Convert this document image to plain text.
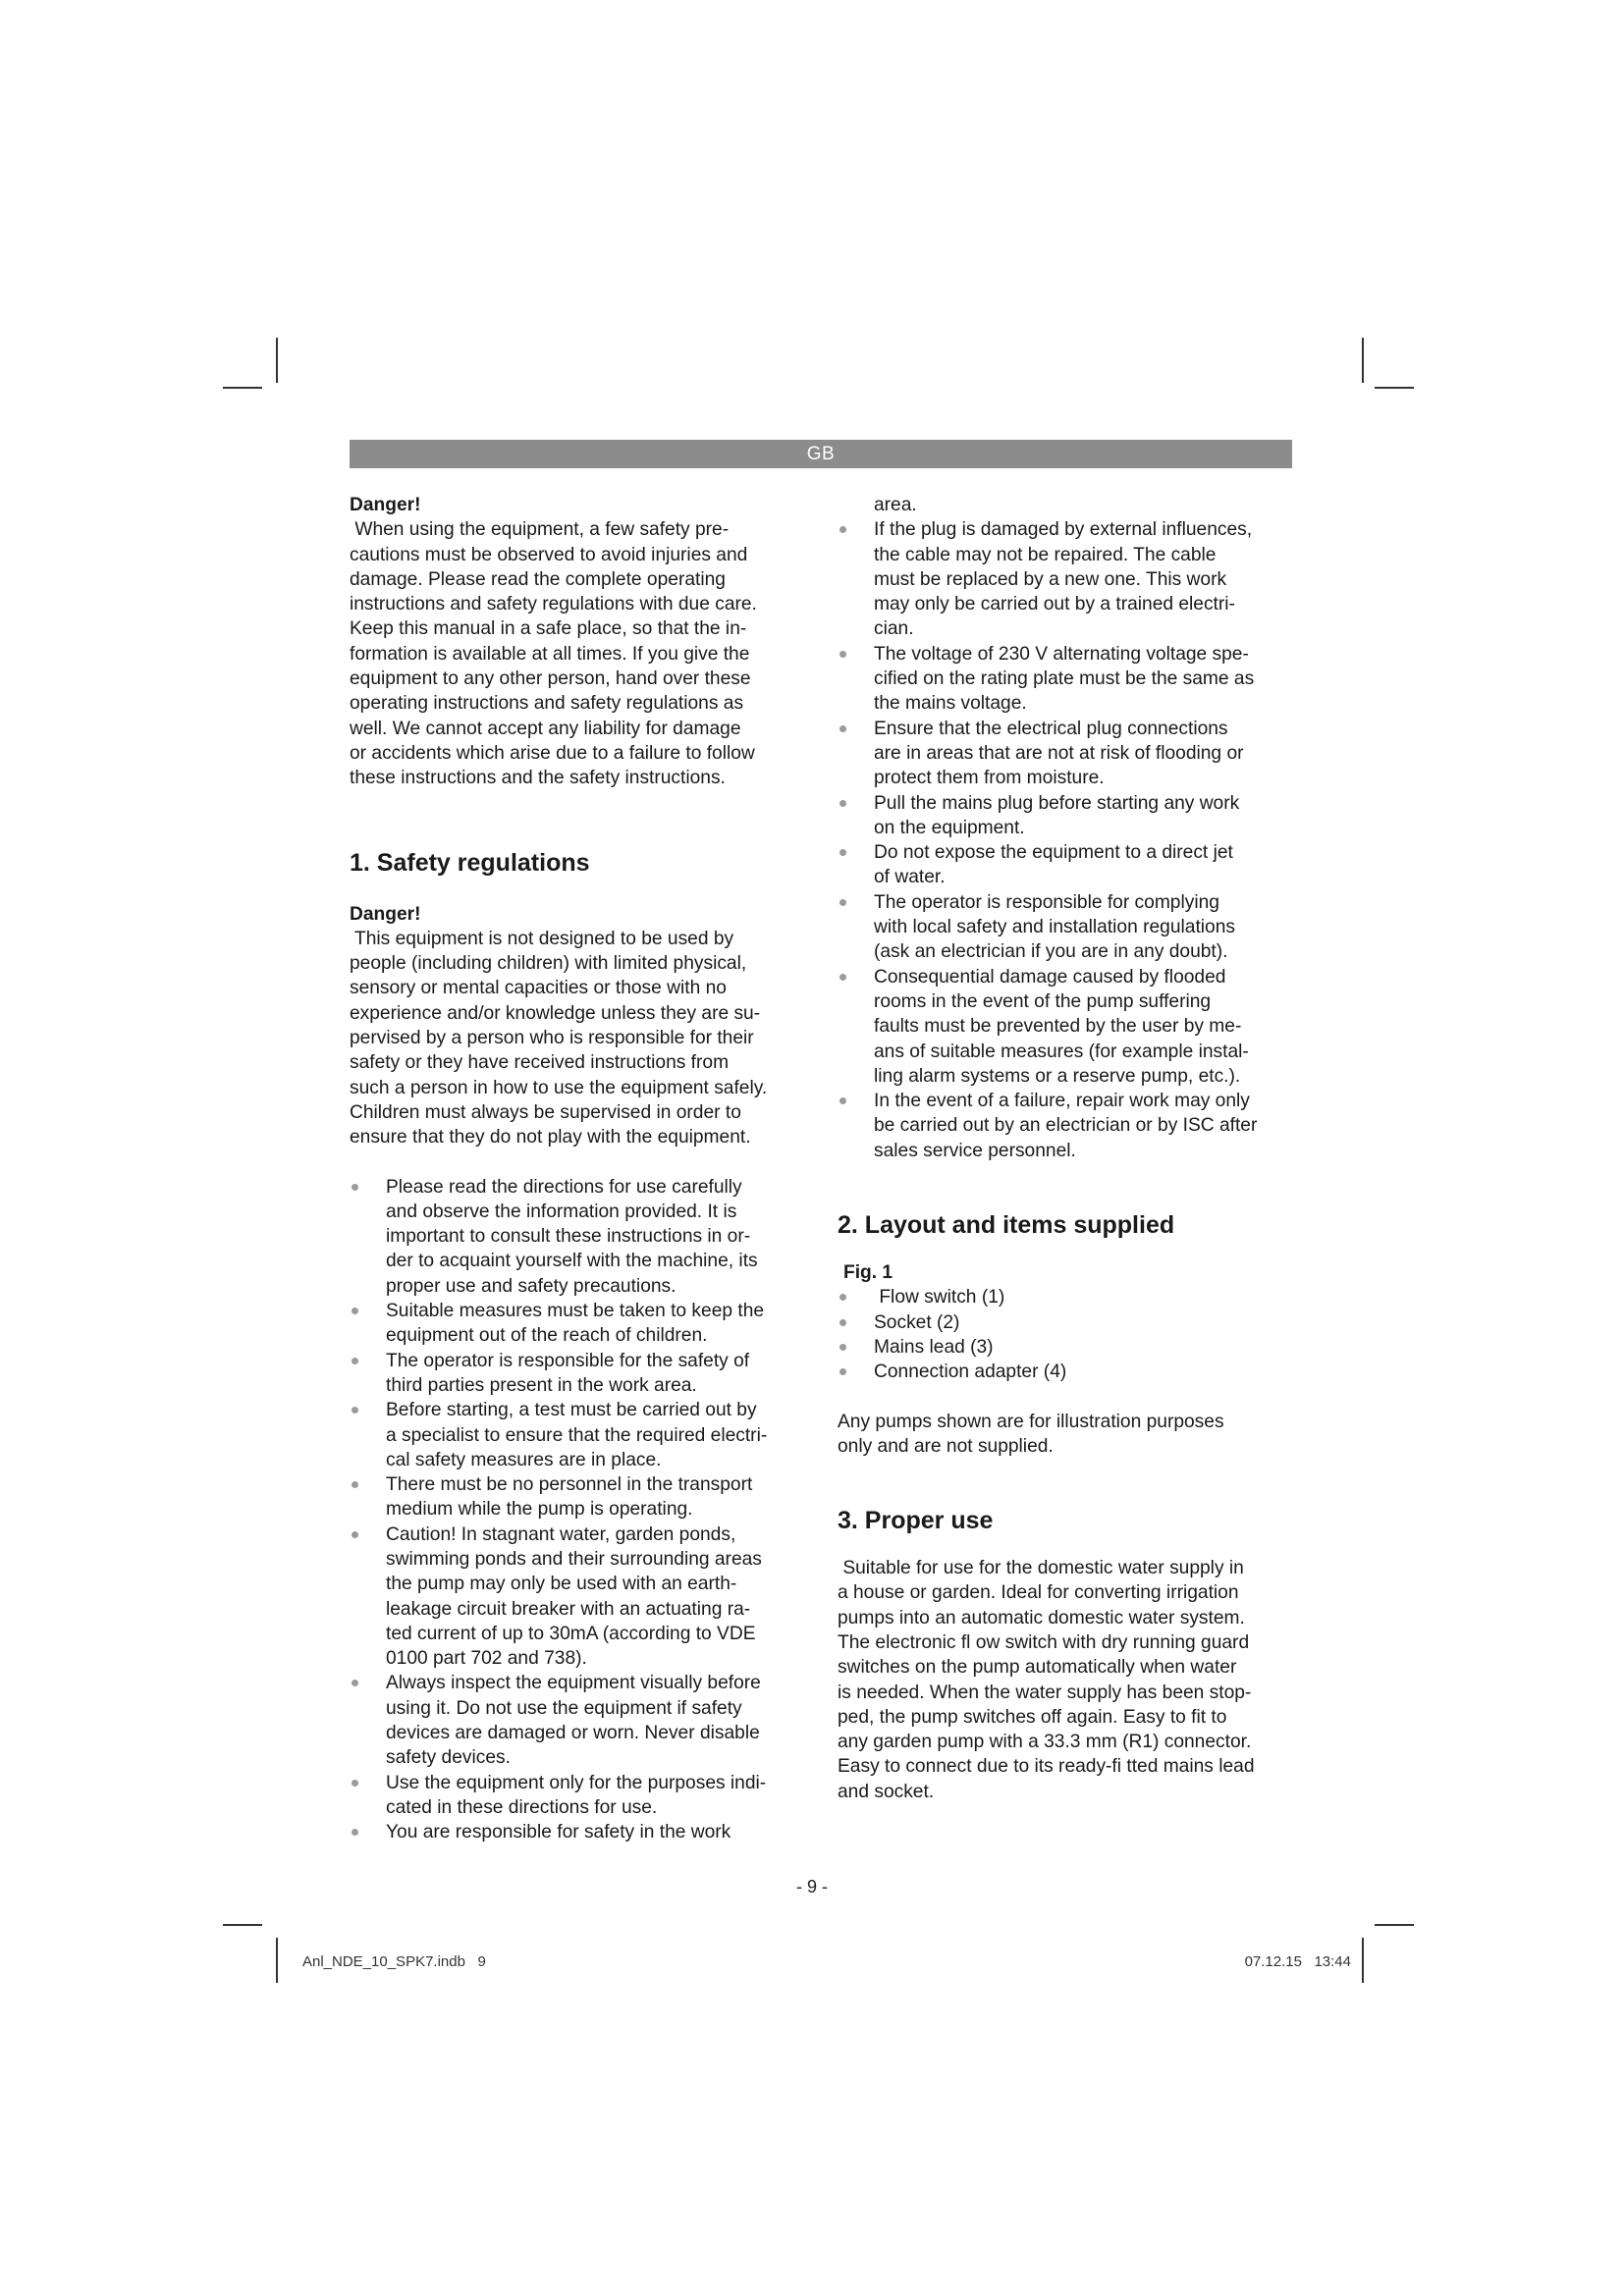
GB

Danger!

When using the equipment, a few safety pre-
cautions must be observed to avoid injuries and
damage. Please read the complete operating
instructions and safety regulations with due care.
Keep this manual in a safe place, so that the in-
formation is available at all times. If you give the
equipment to any other person, hand over these
operating instructions and safety regulations as
well. We cannot accept any liability for damage
or accidents which arise due to a failure to follow
these instructions and the safety instructions.
1. Safety regulations

Danger!

This equipment is not designed to be used by
people (including children) with limited physical,
sensory or mental capacities or those with no
experience and/or knowledge unless they are su-
pervised by a person who is responsible for their
safety or they have received instructions from
such a person in how to use the equipment safely.
Children must always be supervised in order to
ensure that they do not play with the equipment.
Please read the directions for use carefully
and observe the information provided. It is
important to consult these instructions in or-
der to acquaint yourself with the machine, its
proper use and safety precautions.
Suitable measures must be taken to keep the
equipment out of the reach of children.
The operator is responsible for the safety of
third parties present in the work area.
Before starting, a test must be carried out by
a specialist to ensure that the required electri-
cal safety measures are in place.
There must be no personnel in the transport
medium while the pump is operating.
Caution! In stagnant water, garden ponds,
swimming ponds and their surrounding areas
the pump may only be used with an earth-
leakage circuit breaker with an actuating ra-
ted current of up to 30mA (according to VDE
0100 part 702 and 738).
Always inspect the equipment visually before
using it. Do not use the equipment if safety
devices are damaged or worn. Never disable
safety devices.
Use the equipment only for the purposes indi-
cated in these directions for use.
You are responsible for safety in the work
area.
If the plug is damaged by external influences,
the cable may not be repaired. The cable
must be replaced by a new one. This work
may only be carried out by a trained electri-
cian.
The voltage of 230 V alternating voltage spe-
cified on the rating plate must be the same as
the mains voltage.
Ensure that the electrical plug connections
are in areas that are not at risk of flooding or
protect them from moisture.
Pull the mains plug before starting any work
on the equipment.
Do not expose the equipment to a direct jet
of water.
The operator is responsible for complying
with local safety and installation regulations
(ask an electrician if you are in any doubt).
Consequential damage caused by flooded
rooms in the event of the pump suffering
faults must be prevented by the user by me-
ans of suitable measures (for example instal-
ling alarm systems or a reserve pump, etc.).
In the event of a failure, repair work may only
be carried out by an electrician or by ISC after
sales service personnel.
2. Layout and items supplied

Fig. 1

Flow switch (1)
Socket (2)
Mains lead (3)
Connection adapter (4)
Any pumps shown are for illustration purposes
only and are not supplied.
3. Proper use
Suitable for use for the domestic water supply in
a house or garden. Ideal for converting irrigation
pumps into an automatic domestic water system.
The electronic fl ow switch with dry running guard
switches on the pump automatically when water
is needed. When the water supply has been stop-
ped, the pump switches off again. Easy to fit to
any garden pump with a 33.3 mm (R1) connector.
Easy to connect due to its ready-fi tted mains lead
and socket.
- 9 -
Anl_NDE_10_SPK7.indb   9	07.12.15   13:44
